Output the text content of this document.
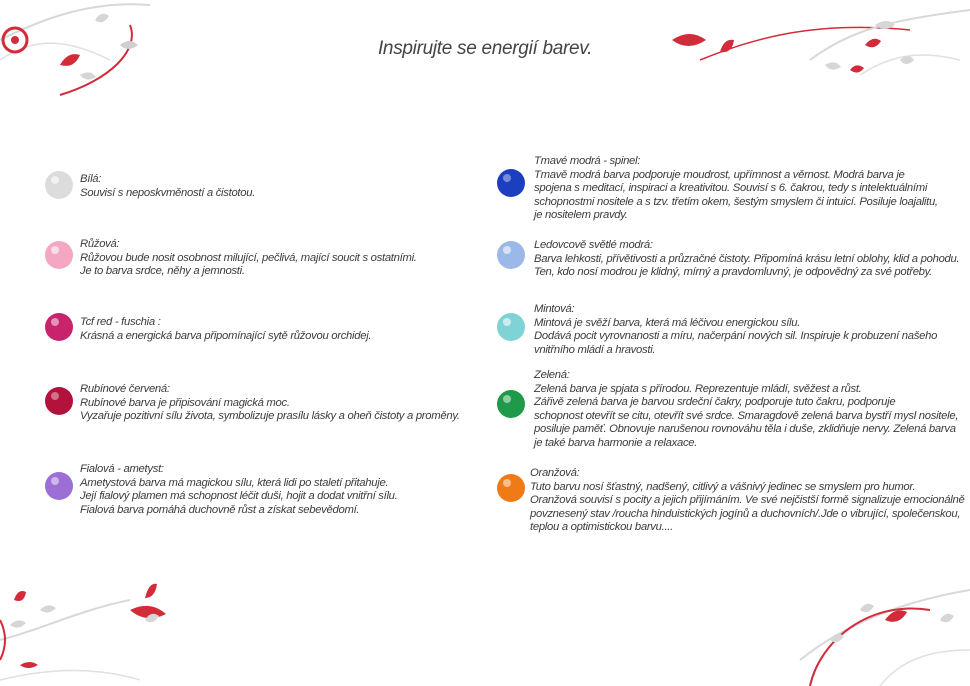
Inspirujte se energií barev.
Bílá:
Souvisí s neposkvměností a čistotou.
Růžová:
Růžovou bude nosit osobnost milující, pečlivá, mající soucit s ostatními.
Je to barva srdce, něhy a jemnosti.
Tcf red - fuschia :
Krásná a energická barva připomínající sytě růžovou orchidej.
Rubínové červená:
Rubínové barva je připisování magická moc.
Vyzařuje pozitivní sílu života, symbolizuje prasílu lásky a oheň čistoty a proměny.
Fialová - ametyst:
Ametystová barva má magickou sílu, která lidi po staletí přitahuje.
Její fialový plamen má schopnost léčit duši, hojit a dodat vnitřní sílu.
Fialová barva pomáhá duchovně růst a získat sebevědomí.
Tmavé modrá - spinel:
Tmavě modrá barva podporuje moudrost, upřímnost a věrnost. Modrá barva je
spojena s meditací, inspiraci a kreativitou. Souvisí s 6. čakrou, tedy s intelektuálními
schopnostmi nositele a s tzv. třetím okem, šestým smyslem či intuicí. Posiluje loajalitu,
je nositelem pravdy.
Ledovcově světlé modrá:
Barva lehkosti, přívětivosti a průzračné čistoty. Připomíná krásu letní oblohy, klid a pohodu.
Ten, kdo nosí modrou je klidný, mírný a pravdomluvný, je odpovědný za své potřeby.
Mintová:
Mintová je svěží barva, která má léčivou energickou sílu.
Dodává pocit vyrovnanosti a míru, načerpání nových sil. Inspiruje k probuzení našeho
vnitřního mládí a hravosti.
Zelená:
Zelená barva je spjata s přírodou. Reprezentuje mládí, svěžest a růst.
Zářivě zelená barva je barvou srdeční čakry, podporuje tuto čakru, podporuje
schopnost otevřít se citu, otevřít své srdce. Smaragdově zelená barva bystří mysl nositele,
posiluje paměť. Obnovuje narušenou rovnováhu těla i duše, zklidňuje nervy. Zelená barva
je také barva harmonie a relaxace.
Oranžová:
Tuto barvu nosí šťastný, nadšený, citlivý a vášnivý jedinec se smyslem pro humor.
Oranžová souvisí s pocity a jejich přijímáním. Ve své nejčistší formě signalizuje emocionálně
povznesený stav /roucha hinduistických jogínů a duchovních/.Jde o vibrující, společenskou,
teplou a optimistickou barvu....
